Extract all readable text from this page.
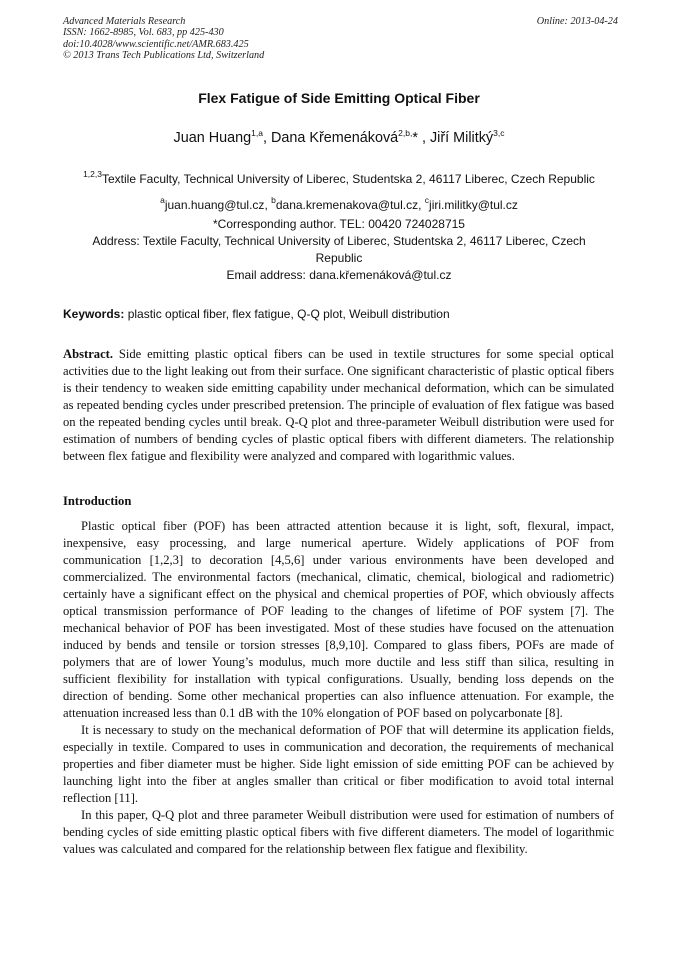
Advanced Materials Research
ISSN: 1662-8985, Vol. 683, pp 425-430
doi:10.4028/www.scientific.net/AMR.683.425
© 2013 Trans Tech Publications Ltd, Switzerland
Online: 2013-04-24
Flex Fatigue of Side Emitting Optical Fiber
Juan Huang$^{1,a}$, Dana Křemenáková$^{2,b,}$* , Jiří Militký$^{3,c}$
$^{1,2,3}$Textile Faculty, Technical University of Liberec, Studentska 2, 46117 Liberec, Czech Republic
$^a$juan.huang@tul.cz, $^b$dana.kremenakova@tul.cz, $^c$jiri.militky@tul.cz
*Corresponding author. TEL: 00420 724028715
Address: Textile Faculty, Technical University of Liberec, Studentska 2, 46117 Liberec, Czech
Republic
Email address: dana.křemenáková@tul.cz
Keywords: plastic optical fiber, flex fatigue, Q-Q plot, Weibull distribution

Abstract. Side emitting plastic optical fibers can be used in textile structures for some special optical activities due to the light leaking out from their surface. One significant characteristic of plastic optical fibers is their tendency to weaken side emitting capability under mechanical deformation, which can be simulated as repeated bending cycles under prescribed pretension. The principle of evaluation of flex fatigue was based on the repeated bending cycles until break. Q-Q plot and three-parameter Weibull distribution were used for estimation of numbers of bending cycles of plastic optical fibers with different diameters. The relationship between flex fatigue and flexibility were analyzed and compared with logarithmic values.

Introduction

Plastic optical fiber (POF) has been attracted attention because it is light, soft, flexural, impact, inexpensive, easy processing, and large numerical aperture. Widely applications of POF from communication [1,2,3] to decoration [4,5,6] under various environments have been developed and commercialized. The environmental factors (mechanical, climatic, chemical, biological and radiometric) certainly have a significant effect on the physical and chemical properties of POF, which obviously affects optical transmission performance of POF leading to the changes of lifetime of POF system [7]. The mechanical behavior of POF has been investigated. Most of these studies have focused on the attenuation induced by bends and tensile or torsion stresses [8,9,10]. Compared to glass fibers, POFs are made of polymers that are of lower Young’s modulus, much more ductile and less stiff than silica, resulting in sufficient flexibility for installation with typical configurations. Usually, bending loss depends on the direction of bending. Some other mechanical properties can also influence attenuation. For example, the attenuation increased less than 0.1 dB with the 10% elongation of POF based on polycarbonate [8].

It is necessary to study on the mechanical deformation of POF that will determine its application fields, especially in textile. Compared to uses in communication and decoration, the requirements of mechanical properties and fiber diameter must be higher. Side light emission of side emitting POF can be achieved by launching light into the fiber at angles smaller than critical or fiber modification to avoid total internal reflection [11].

In this paper, Q-Q plot and three parameter Weibull distribution were used for estimation of numbers of bending cycles of side emitting plastic optical fibers with five different diameters. The model of logarithmic values was calculated and compared for the relationship between flex fatigue and flexibility.
